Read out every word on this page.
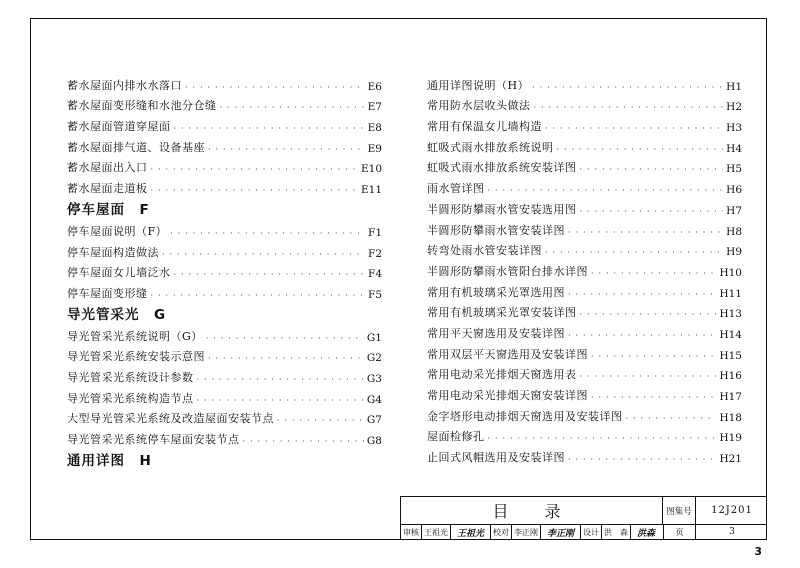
蓄水屋面内排水水落口 · · ·	E6
蓄水屋面变形缝和水池分仓缝 · · ·	E7
蓄水屋面管道穿屋面 · · ·	E8
蓄水屋面排气道、设备基座 · · ·	E9
蓄水屋面出入口 · · ·	E10
蓄水屋面走道板 · · ·	E11
停车屋面　F
停车屋面说明（F） · · ·	F1
停车屋面构造做法 · · ·	F2
停车屋面女儿墙泛水 · · ·	F4
停车屋面变形缝 · · ·	F5
导光管采光　G
导光管采光系统说明（G） · · ·	G1
导光管采光系统安装示意图 · · ·	G2
导光管采光系统设计参数 · · ·	G3
导光管采光系统构造节点 · · ·	G4
大型导光管采光系统及改造屋面安装节点 · · ·	G7
导光管采光系统停车屋面安装节点 · · ·	G8
通用详图　H
通用详图说明（H） · · ·	H1
常用防水层收头做法 · · ·	H2
常用有保温女儿墙构造 · · ·	H3
虹吸式雨水排放系统说明 · · ·	H4
虹吸式雨水排放系统安装详图 · · ·	H5
雨水管详图 · · ·	H6
半圆形防攀雨水管安装选用图 · · ·	H7
半圆形防攀雨水管安装详图 · · ·	H8
转弯处雨水管安装详图 · · ·	H9
半圆形防攀雨水管阳台排水详图 · · ·	H10
常用有机玻璃采光罩选用图 · · ·	H11
常用有机玻璃采光罩安装详图 · · ·	H13
常用平天窗选用及安装详图 · · ·	H14
常用双层平天窗选用及安装详图 · · ·	H15
常用电动采光排烟天窗选用表 · · ·	H16
常用电动采光排烟天窗安装详图 · · ·	H17
金字塔形电动排烟天窗选用及安装详图 · · ·	H18
屋面检修孔 · · ·	H19
止回式风帽选用及安装详图 · · ·	H21
目　录	图集号	12J201
审核 王祖光	王祖光	校对 李正刚	李正刚	设计 洪　森	洪森	页	3
3
